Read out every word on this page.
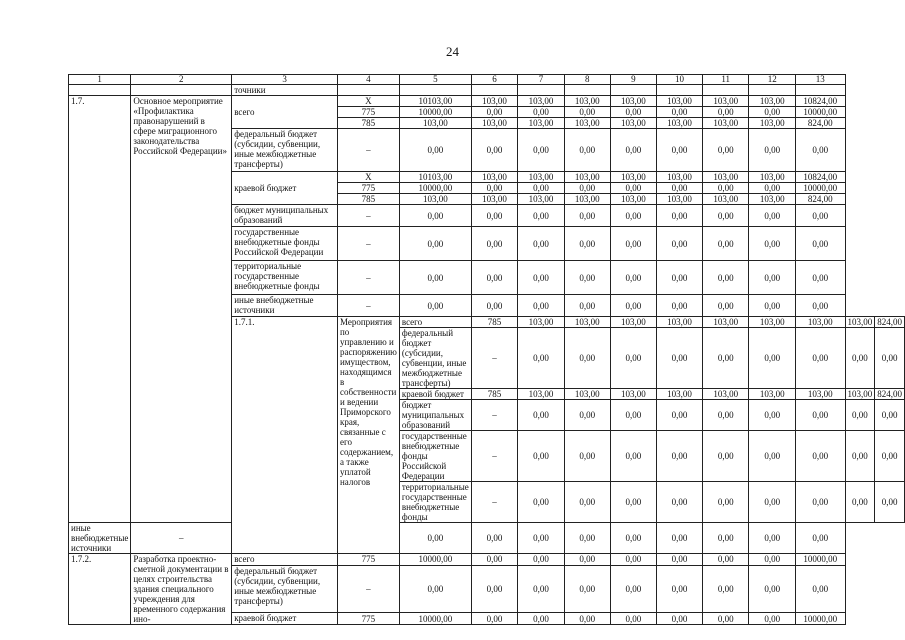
24
1	2	3	4	5	6	7	8	9	10	11	12	13		
		точники												
1.7.	Основное мероприятие «Профилактика правонарушений в сфере миграционного законодательства Российской Федерации»	всего	X	10103,00	103,00	103,00	103,00	103,00	103,00	103,00	103,00	10824,00		
			775	10000,00	0,00	0,00	0,00	0,00	0,00	0,00	0,00	10000,00		
			785	103,00	103,00	103,00	103,00	103,00	103,00	103,00	103,00	824,00		
		федеральный бюджет (субсидии, субвенции, иные межбюджетные трансферты)	–	0,00	0,00	0,00	0,00	0,00	0,00	0,00	0,00	0,00		
		краевой бюджет	X	10103,00	103,00	103,00	103,00	103,00	103,00	103,00	103,00	10824,00		
			775	10000,00	0,00	0,00	0,00	0,00	0,00	0,00	0,00	10000,00		
			785	103,00	103,00	103,00	103,00	103,00	103,00	103,00	103,00	824,00		
		бюджет муниципальных образований	–	0,00	0,00	0,00	0,00	0,00	0,00	0,00	0,00	0,00		
		государственные внебюджетные фонды Российской Федерации	–	0,00	0,00	0,00	0,00	0,00	0,00	0,00	0,00	0,00		
		территориальные государственные внебюджетные фонды	–	0,00	0,00	0,00	0,00	0,00	0,00	0,00	0,00	0,00		
		иные внебюджетные источники	–	0,00	0,00	0,00	0,00	0,00	0,00	0,00	0,00	0,00		
		1.7.1.	Мероприятия по управлению и распоряжению имуществом, находящимся в собственности и ведении Приморского края, связанные с его содержанием, а также уплатой налогов	всего	785	103,00	103,00	103,00	103,00	103,00	103,00	103,00	103,00	824,00
				федеральный бюджет (субсидии, субвенции, иные межбюджетные трансферты)	–	0,00	0,00	0,00	0,00	0,00	0,00	0,00	0,00	0,00
				краевой бюджет	785	103,00	103,00	103,00	103,00	103,00	103,00	103,00	103,00	824,00
				бюджет муниципальных образований	–	0,00	0,00	0,00	0,00	0,00	0,00	0,00	0,00	0,00
				государственные внебюджетные фонды Российской Федерации	–	0,00	0,00	0,00	0,00	0,00	0,00	0,00	0,00	0,00
				территориальные государственные внебюджетные фонды	–	0,00	0,00	0,00	0,00	0,00	0,00	0,00	0,00	0,00
иные внебюджетные источники	–			0,00	0,00	0,00	0,00	0,00	0,00	0,00	0,00	0,00		
1.7.2.	Разработка проектно-сметной документации в целях строительства здания специального учреждения для временного содержания ино-	всего	775	10000,00	0,00	0,00	0,00	0,00	0,00	0,00	0,00	10000,00		
		федеральный бюджет (субсидии, субвенции, иные межбюджетные трансферты)	–	0,00	0,00	0,00	0,00	0,00	0,00	0,00	0,00	0,00		
		краевой бюджет	775	10000,00	0,00	0,00	0,00	0,00	0,00	0,00	0,00	10000,00		
